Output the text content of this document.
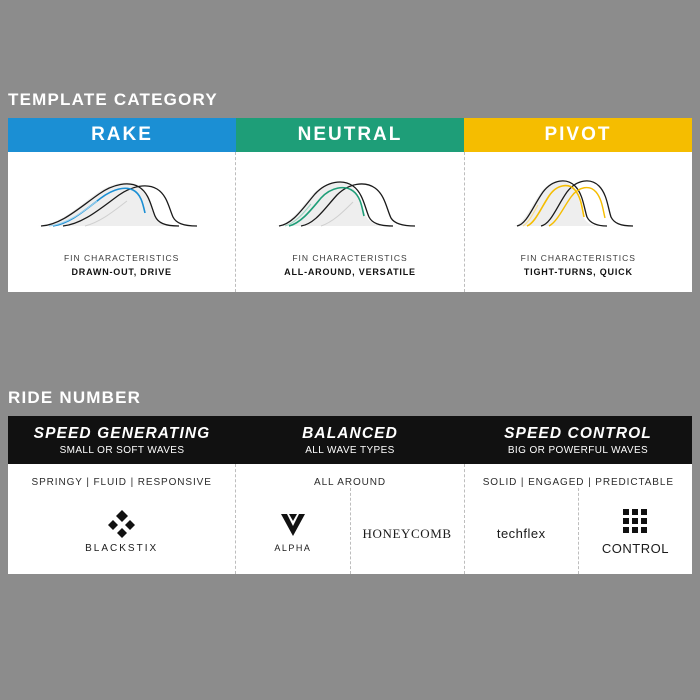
TEMPLATE CATEGORY
RAKE	NEUTRAL	PIVOT
FIN CHARACTERISTICS
DRAWN-OUT, DRIVE
FIN CHARACTERISTICS
ALL-AROUND, VERSATILE
FIN CHARACTERISTICS
TIGHT-TURNS, QUICK
RIDE NUMBER
SPEED GENERATING
SMALL OR SOFT WAVES
BALANCED
ALL WAVE TYPES
SPEED CONTROL
BIG OR POWERFUL WAVES
SPRINGY | FLUID | RESPONSIVE
BLACKSTIX
ALL AROUND
ALPHA
HONEYCOMB
SOLID | ENGAGED | PREDICTABLE
techflex
CONTROL
